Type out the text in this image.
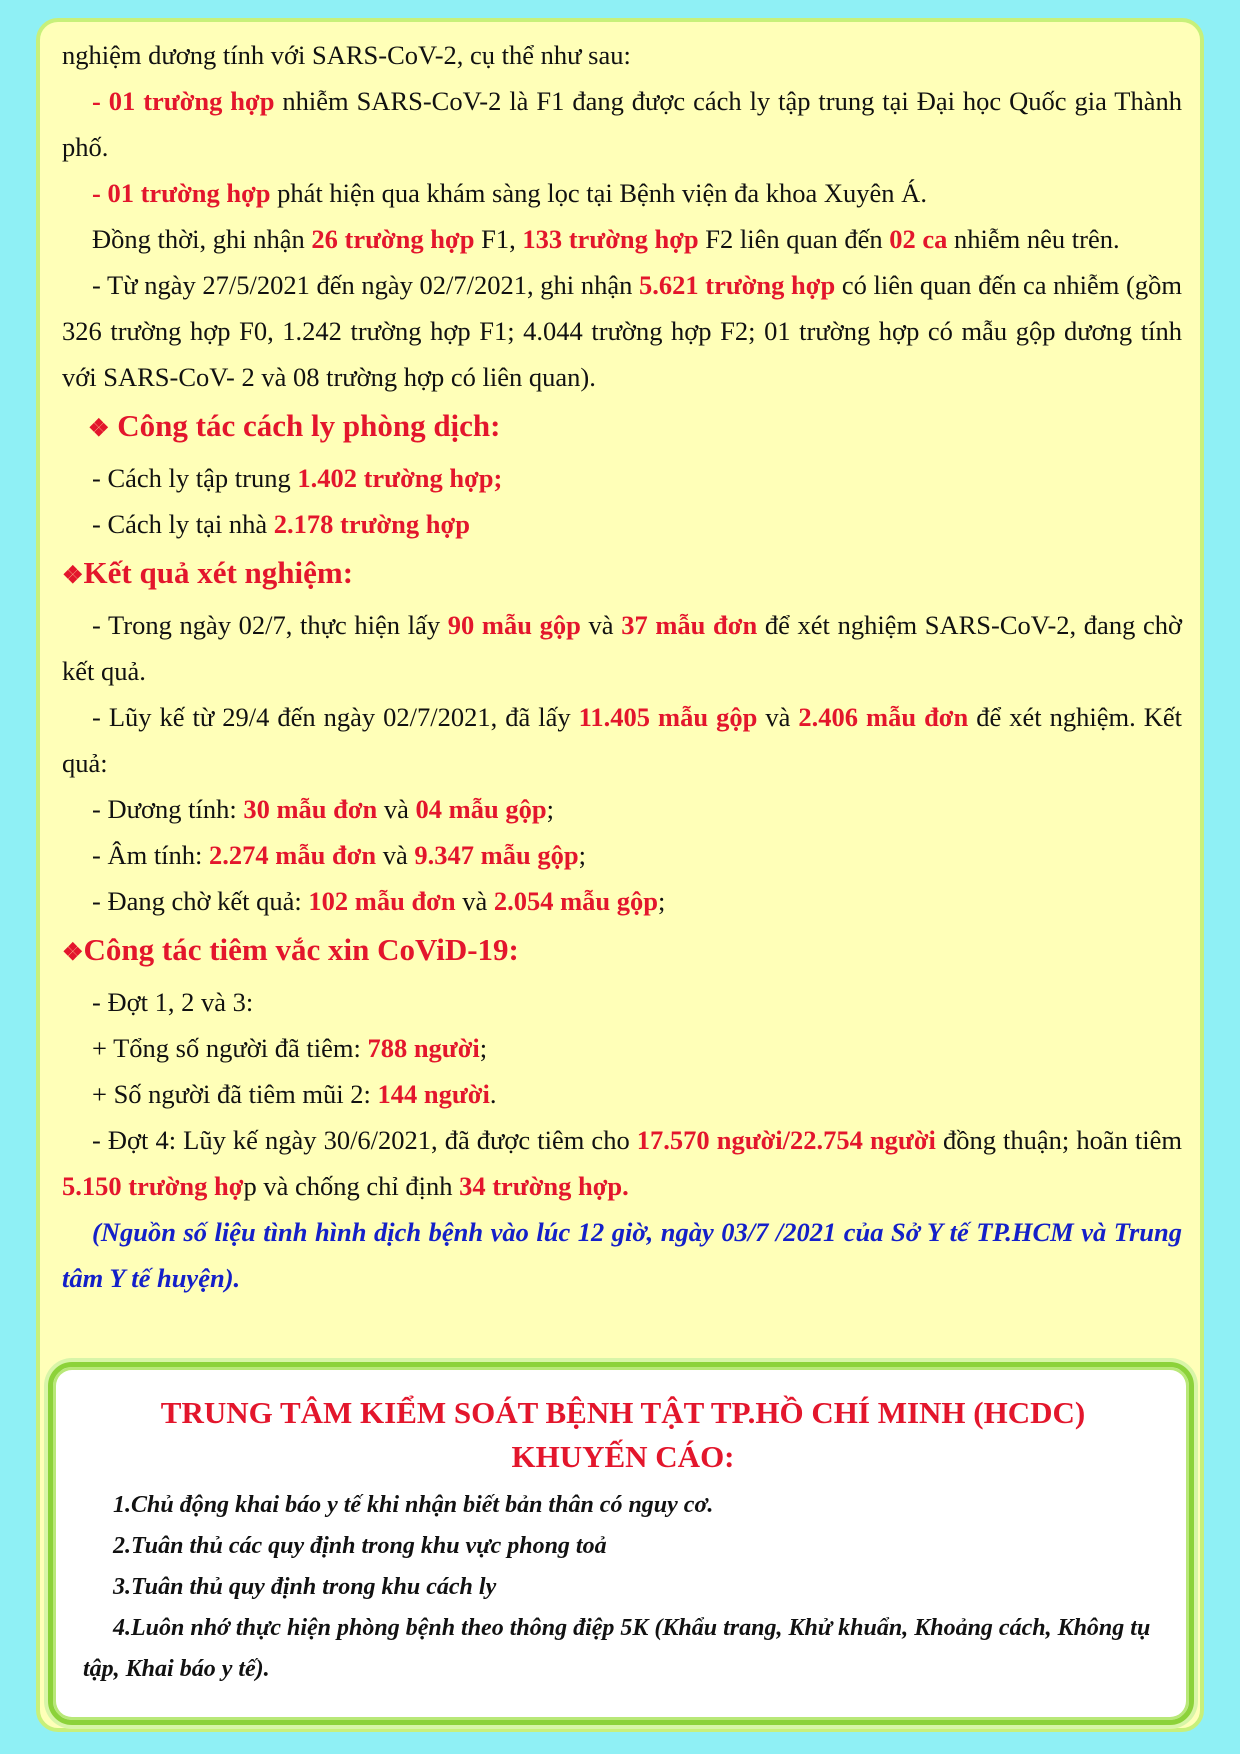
nghiệm dương tính với SARS-CoV-2, cụ thể như sau:

- 01 trường hợp nhiễm SARS-CoV-2 là F1 đang được cách ly tập trung tại Đại học Quốc gia Thành phố.

- 01 trường hợp phát hiện qua khám sàng lọc tại Bệnh viện đa khoa Xuyên Á.

Đồng thời, ghi nhận 26 trường hợp F1, 133 trường hợp F2 liên quan đến 02 ca nhiễm nêu trên.

- Từ ngày 27/5/2021 đến ngày 02/7/2021, ghi nhận 5.621 trường hợp có liên quan đến ca nhiễm (gồm 326 trường hợp F0, 1.242 trường hợp F1; 4.044 trường hợp F2; 01 trường hợp có mẫu gộp dương tính với SARS-CoV- 2 và 08 trường hợp có liên quan).

❖ Công tác cách ly phòng dịch:

- Cách ly tập trung 1.402 trường hợp;

- Cách ly tại nhà 2.178 trường hợp

❖Kết quả xét nghiệm:

- Trong ngày 02/7, thực hiện lấy 90 mẫu gộp và 37 mẫu đơn để xét nghiệm SARS-CoV-2, đang chờ kết quả.

- Lũy kế từ 29/4 đến ngày 02/7/2021, đã lấy 11.405 mẫu gộp và 2.406 mẫu đơn để xét nghiệm. Kết quả:

- Dương tính: 30 mẫu đơn và 04 mẫu gộp;

- Âm tính: 2.274 mẫu đơn và 9.347 mẫu gộp;

- Đang chờ kết quả: 102 mẫu đơn và 2.054 mẫu gộp;

❖Công tác tiêm vắc xin CoViD-19:

- Đợt 1, 2 và 3:

+ Tổng số người đã tiêm: 788 người;

+ Số người đã tiêm mũi 2: 144 người.

- Đợt 4: Lũy kế ngày 30/6/2021, đã được tiêm cho 17.570 người/22.754 người đồng thuận; hoãn tiêm 5.150 trường hợp và chống chỉ định 34 trường hợp.

(Nguồn số liệu tình hình dịch bệnh vào lúc 12 giờ, ngày 03/7 /2021 của Sở Y tế TP.HCM và Trung tâm Y tế huyện).

TRUNG TÂM KIỂM SOÁT BỆNH TẬT TP.HỒ CHÍ MINH (HCDC)

KHUYẾN CÁO:

1.Chủ động khai báo y tế khi nhận biết bản thân có nguy cơ.

2.Tuân thủ các quy định trong khu vực phong toả

3.Tuân thủ quy định trong khu cách ly

4.Luôn nhớ thực hiện phòng bệnh theo thông điệp 5K (Khẩu trang, Khử khuẩn, Khoảng cách, Không tụ tập, Khai báo y tế).
